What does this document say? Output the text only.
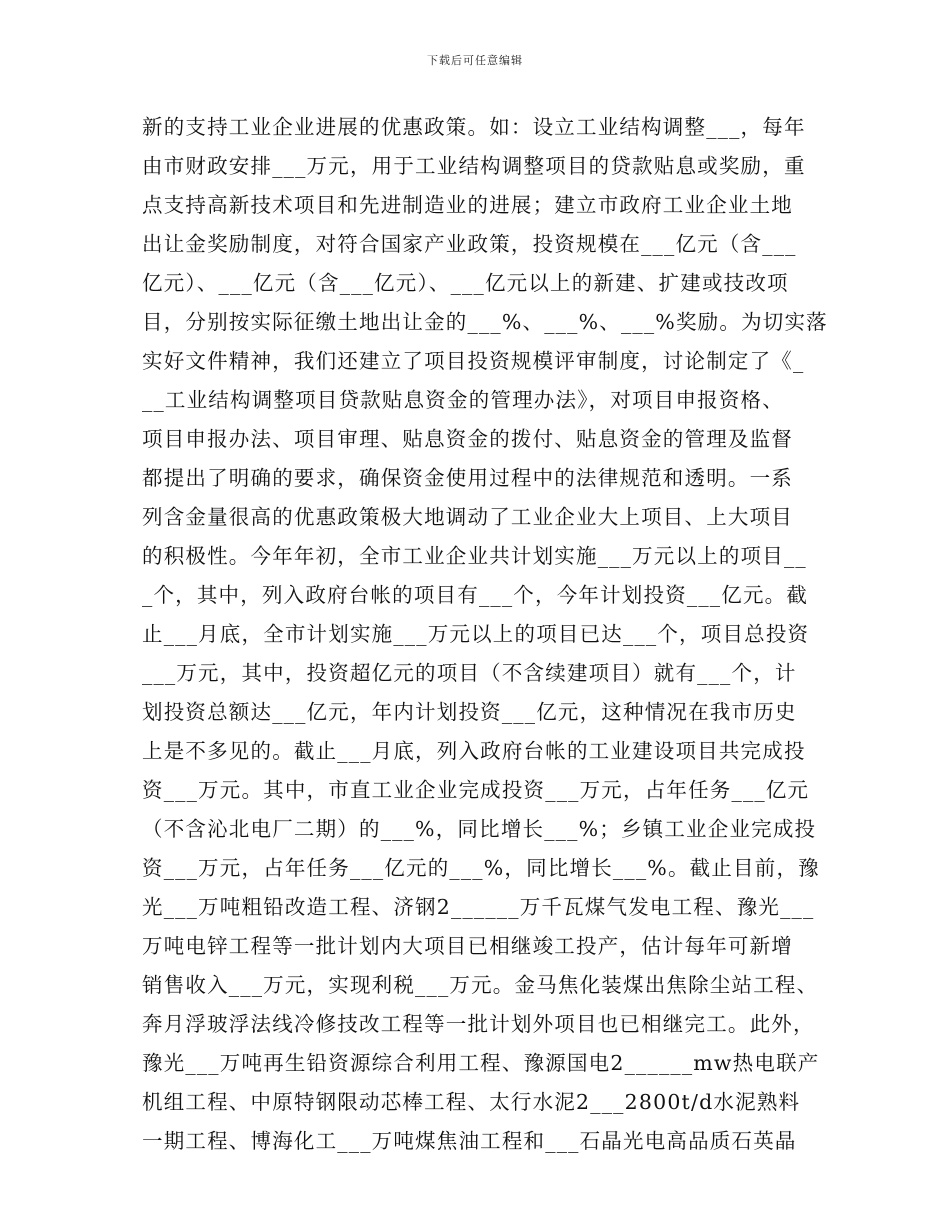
下载后可任意编辑
新的支持工业企业进展的优惠政策。如：设立工业结构调整___，每年
由市财政安排___万元，用于工业结构调整项目的贷款贴息或奖励，重
点支持高新技术项目和先进制造业的进展；建立市政府工业企业土地
出让金奖励制度，对符合国家产业政策，投资规模在___亿元（含___
亿元）、___亿元（含___亿元）、___亿元以上的新建、扩建或技改项
目，分别按实际征缴土地出让金的___%、___%、___%奖励。为切实落
实好文件精神，我们还建立了项目投资规模评审制度，讨论制定了《_
__工业结构调整项目贷款贴息资金的管理办法》，对项目申报资格、
项目申报办法、项目审理、贴息资金的拨付、贴息资金的管理及监督
都提出了明确的要求，确保资金使用过程中的法律规范和透明。一系
列含金量很高的优惠政策极大地调动了工业企业大上项目、上大项目
的积极性。今年年初，全市工业企业共计划实施___万元以上的项目__
_个，其中，列入政府台帐的项目有___个，今年计划投资___亿元。截
止___月底，全市计划实施___万元以上的项目已达___个，项目总投资
___万元，其中，投资超亿元的项目（不含续建项目）就有___个，计
划投资总额达___亿元，年内计划投资___亿元，这种情况在我市历史
上是不多见的。截止___月底，列入政府台帐的工业建设项目共完成投
资___万元。其中，市直工业企业完成投资___万元，占年任务___亿元
（不含沁北电厂二期）的___%，同比增长___%；乡镇工业企业完成投
资___万元，占年任务___亿元的___%，同比增长___%。截止目前，豫
光___万吨粗铅改造工程、济钢2______万千瓦煤气发电工程、豫光___
万吨电锌工程等一批计划内大项目已相继竣工投产，估计每年可新增
销售收入___万元，实现利税___万元。金马焦化装煤出焦除尘站工程、
奔月浮玻浮法线冷修技改工程等一批计划外项目也已相继完工。此外，
豫光___万吨再生铅资源综合利用工程、豫源国电2______mw热电联产
机组工程、中原特钢限动芯棒工程、太行水泥2___2800t/d水泥熟料
一期工程、博海化工___万吨煤焦油工程和___石晶光电高品质石英晶
